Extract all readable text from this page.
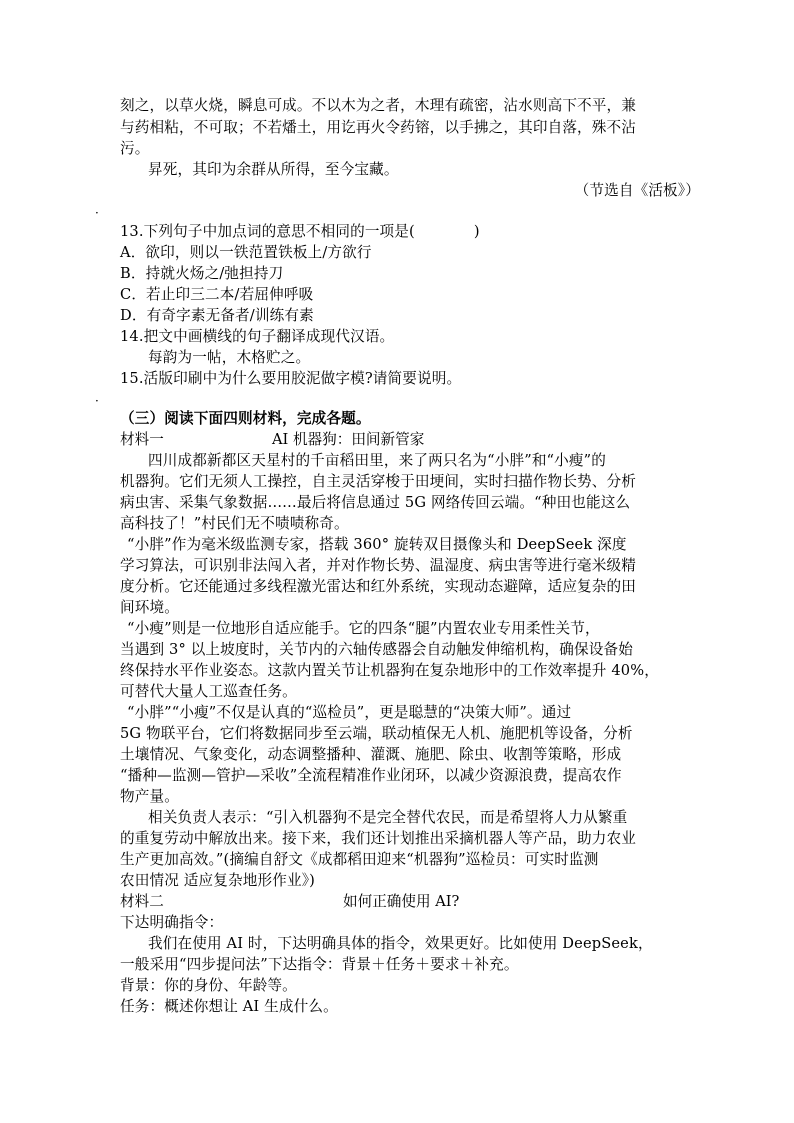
刻之，以草火烧，瞬息可成。不以木为之者，木理有疏密，沾水则高下不平，兼
与药相粘，不可取；不若燔土，用讫再火令药镕，以手拂之，其印自落，殊不沾
污。
昇死，其印为余群从所得，至今宝藏。
（节选自《活板》）
·
13.下列句子中加点词的意思不相同的一项是(　　　　)
A．欲印，则以一铁范置铁板上/方欲行
B．持就火炀之/弛担持刀
C．若止印三二本/若屈伸呼吸
D．有奇字素无备者/训练有素
14.把文中画横线的句子翻译成现代汉语。
每韵为一帖，木格贮之。
15.活版印刷中为什么要用胶泥做字模?请简要说明。
·
（三）阅读下面四则材料，完成各题。
材料一	AI 机器狗：田间新管家
四川成都新都区天星村的千亩稻田里，来了两只名为“小胖”和“小瘦”的
机器狗。它们无须人工操控，自主灵活穿梭于田埂间，实时扫描作物长势、分析
病虫害、采集气象数据……最后将信息通过 5G 网络传回云端。“种田也能这么
高科技了！”村民们无不啧啧称奇。
“小胖”作为毫米级监测专家，搭载 360° 旋转双目摄像头和 DeepSeek 深度
学习算法，可识别非法闯入者，并对作物长势、温湿度、病虫害等进行毫米级精
度分析。它还能通过多线程激光雷达和红外系统，实现动态避障，适应复杂的田
间环境。
“小瘦”则是一位地形自适应能手。它的四条“腿”内置农业专用柔性关节，
当遇到 3° 以上坡度时，关节内的六轴传感器会自动触发伸缩机构，确保设备始
终保持水平作业姿态。这款内置关节让机器狗在复杂地形中的工作效率提升 40%，
可替代大量人工巡查任务。
“小胖”“小瘦”不仅是认真的“巡检员”，更是聪慧的“决策大师”。通过
5G 物联平台，它们将数据同步至云端，联动植保无人机、施肥机等设备，分析
土壤情况、气象变化，动态调整播种、灌溉、施肥、除虫、收割等策略，形成
“播种—监测—管护—采收”全流程精准作业闭环，以减少资源浪费，提高农作
物产量。
相关负责人表示：“引入机器狗不是完全替代农民，而是希望将人力从繁重
的重复劳动中解放出来。接下来，我们还计划推出采摘机器人等产品，助力农业
生产更加高效。”(摘编自舒文《成都稻田迎来“机器狗”巡检员：可实时监测
农田情况 适应复杂地形作业》)
材料二	如何正确使用 AI?
下达明确指令：
我们在使用 AI 时，下达明确具体的指令，效果更好。比如使用 DeepSeek，
一般采用“四步提问法”下达指令：背景＋任务＋要求＋补充。
背景：你的身份、年龄等。
任务：概述你想让 AI 生成什么。
